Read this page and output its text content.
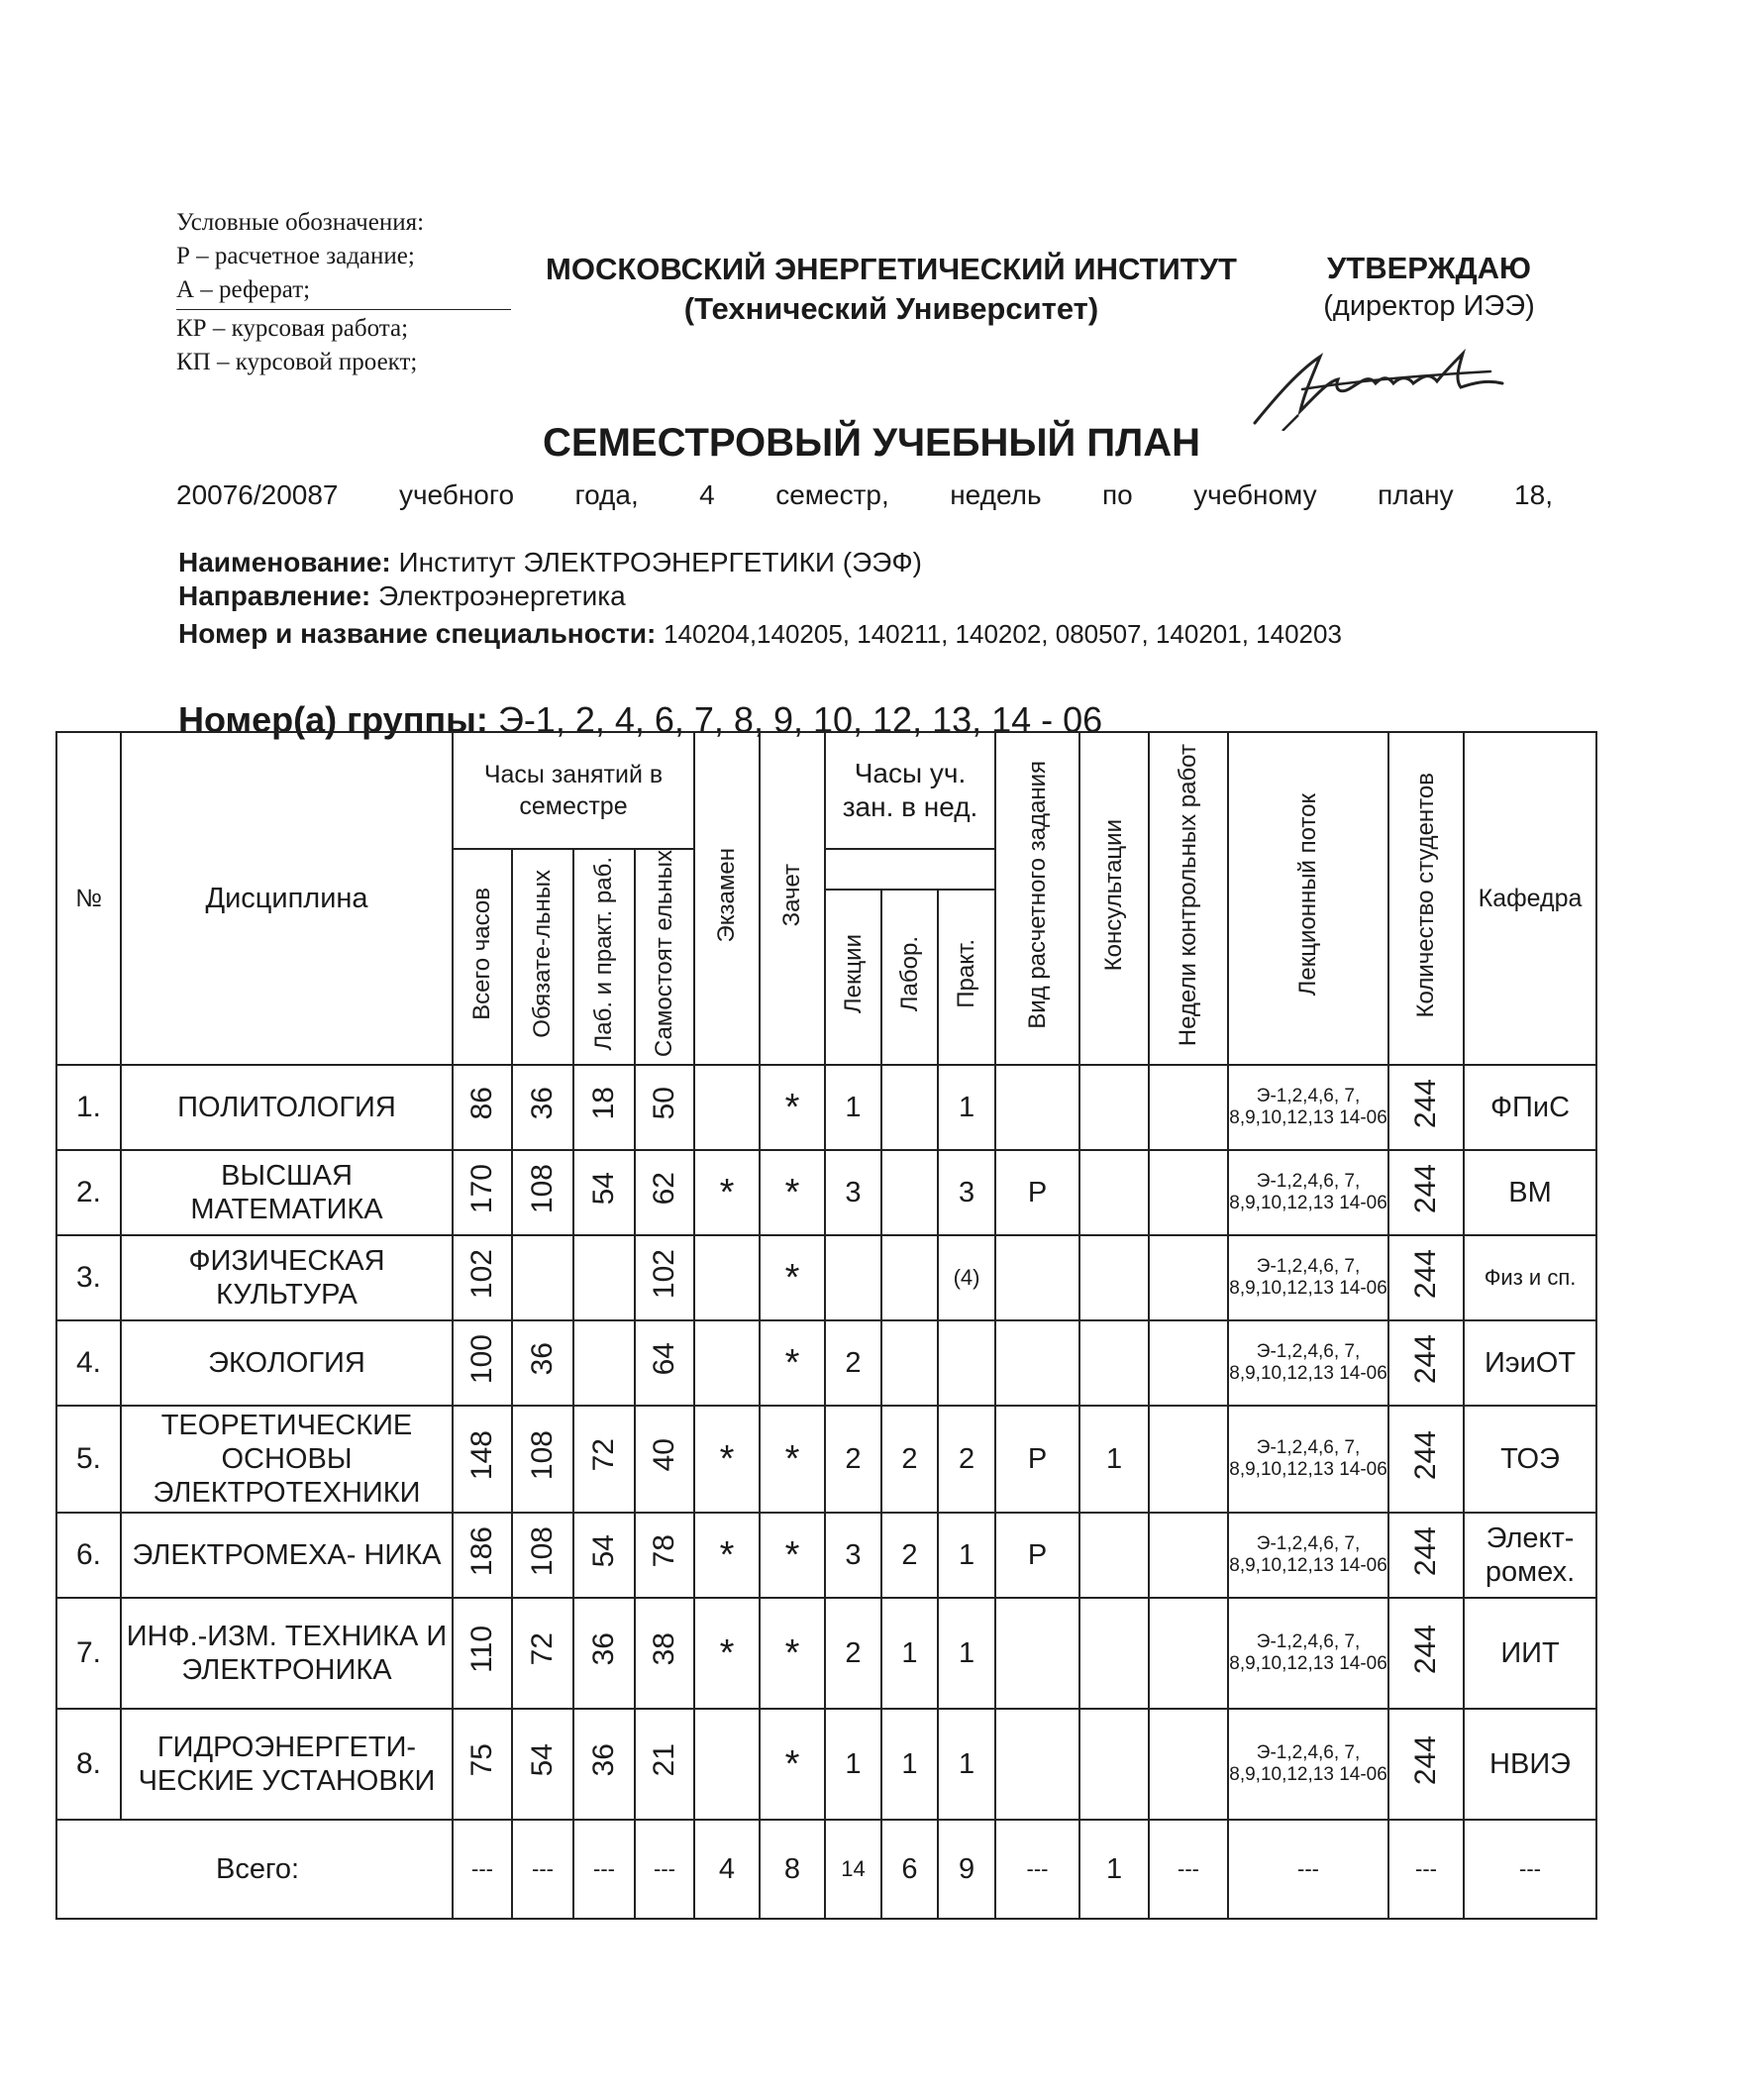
Условные обозначения:
Р – расчетное задание;
А – реферат;
КР – курсовая работа;
КП – курсовой проект;
МОСКОВСКИЙ ЭНЕРГЕТИЧЕСКИЙ ИНСТИТУТ
(Технический Университет)
УТВЕРЖДАЮ
(директор ИЭЭ)
СЕМЕСТРОВЫЙ УЧЕБНЫЙ ПЛАН
20076/20087 учебного года, 4 семестр, недель по учебному плану 18,
Наименование: Институт ЭЛЕКТРОЭНЕРГЕТИКИ (ЭЭФ)
Направление: Электроэнергетика
Номер и название специальности: 140204,140205, 140211, 140202, 080507, 140201, 140203
Номер(а) группы: Э-1, 2, 4, 6, 7, 8, 9, 10, 12, 13, 14 - 06
№	Дисциплина	Часы занятий в семестре				Экзамен	Зачет	Часы уч. зан. в нед.			Вид расчетного задания	Консультации	Недели контрольных работ	Лекционный поток	Количество студентов	Кафедра
		Всего часов	Обязате-льных	Лаб. и практ. раб.	Самостоят ельных											
								Лекции	Лабор.	Практ.						
1.	ПОЛИТОЛОГИЯ	86	36	18	50		*	1		1				Э-1,2,4,6, 7, 8,9,10,12,13 14-06	244	ФПиС
2.	ВЫСШАЯ МАТЕМАТИКА	170	108	54	62	*	*	3		3	Р			Э-1,2,4,6, 7, 8,9,10,12,13 14-06	244	ВМ
3.	ФИЗИЧЕСКАЯ КУЛЬТУРА	102			102		*			(4)				Э-1,2,4,6, 7, 8,9,10,12,13 14-06	244	Физ и сп.
4.	ЭКОЛОГИЯ	100	36		64		*	2						Э-1,2,4,6, 7, 8,9,10,12,13 14-06	244	ИэиОТ
5.	ТЕОРЕТИЧЕСКИЕ ОСНОВЫ ЭЛЕКТРОТЕХНИКИ	148	108	72	40	*	*	2	2	2	Р	1		Э-1,2,4,6, 7, 8,9,10,12,13 14-06	244	ТОЭ
6.	ЭЛЕКТРОМЕХА- НИКА	186	108	54	78	*	*	3	2	1	Р			Э-1,2,4,6, 7, 8,9,10,12,13 14-06	244	Элект- ромех.
7.	ИНФ.-ИЗМ. ТЕХНИКА И ЭЛЕКТРОНИКА	110	72	36	38	*	*	2	1	1				Э-1,2,4,6, 7, 8,9,10,12,13 14-06	244	ИИТ
8.	ГИДРОЭНЕРГЕТИ- ЧЕСКИЕ УСТАНОВКИ	75	54	36	21		*	1	1	1				Э-1,2,4,6, 7, 8,9,10,12,13 14-06	244	НВИЭ
Всего:		---	---	---	---	4	8	14	6	9	---	1	---	---	---	---
